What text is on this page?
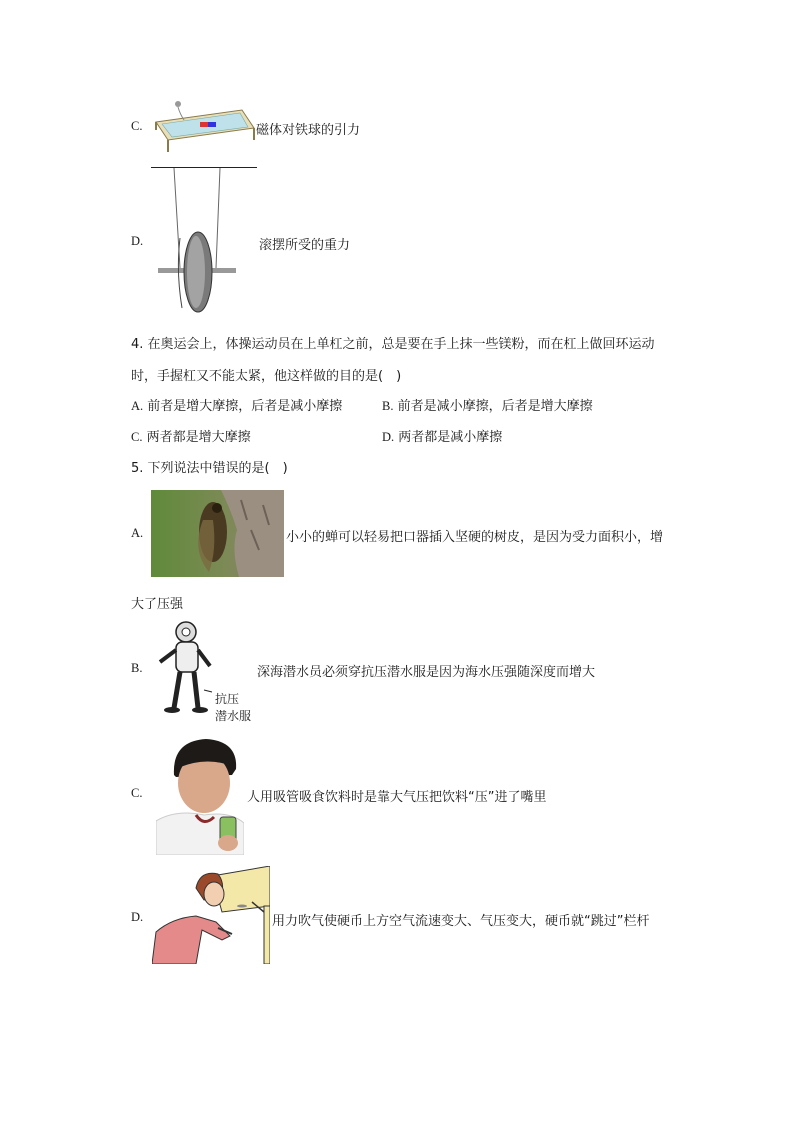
C.	磁体对铁球的引力
D.	滚摆所受的重力
4. 在奥运会上，体操运动员在上单杠之前，总是要在手上抹一些镁粉，而在杠上做回环运动
时，手握杠又不能太紧，他这样做的目的是(　)
A. 前者是增大摩擦，后者是减小摩擦	B. 前者是减小摩擦，后者是增大摩擦
C. 两者都是增大摩擦	D. 两者都是减小摩擦
5. 下列说法中错误的是(　)
A.	小小的蝉可以轻易把口器插入坚硬的树皮，是因为受力面积小，增
大了压强
B.
抗压
潜水服
深海潜水员必须穿抗压潜水服是因为海水压强随深度而增大
C.	人用吸管吸食饮料时是靠大气压把饮料“压”进了嘴里
D.	用力吹气使硬币上方空气流速变大、气压变大，硬币就“跳过”栏杆
